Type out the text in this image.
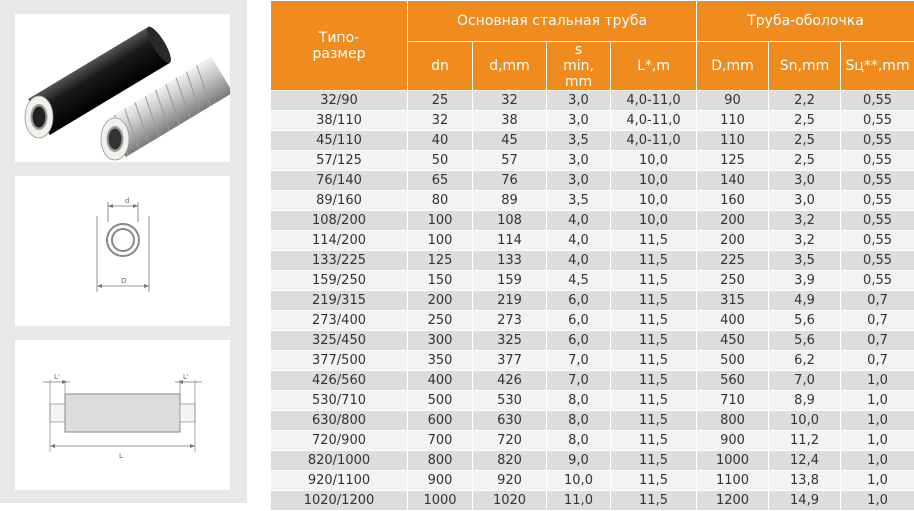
d
D
L'	L'
L
Типо-размер	Основная стальная труба				Труба-оболочка		
	dn	d,mm	s min, mm	L*,m	D,mm	Sn,mm	Sц**,mm
32/90	25	32	3,0	4,0-11,0	90	2,2	0,55
38/110	32	38	3,0	4,0-11,0	110	2,5	0,55
45/110	40	45	3,5	4,0-11,0	110	2,5	0,55
57/125	50	57	3,0	10,0	125	2,5	0,55
76/140	65	76	3,0	10,0	140	3,0	0,55
89/160	80	89	3,5	10,0	160	3,0	0,55
108/200	100	108	4,0	10,0	200	3,2	0,55
114/200	100	114	4,0	11,5	200	3,2	0,55
133/225	125	133	4,0	11,5	225	3,5	0,55
159/250	150	159	4,5	11,5	250	3,9	0,55
219/315	200	219	6,0	11,5	315	4,9	0,7
273/400	250	273	6,0	11,5	400	5,6	0,7
325/450	300	325	6,0	11,5	450	5,6	0,7
377/500	350	377	7,0	11,5	500	6,2	0,7
426/560	400	426	7,0	11,5	560	7,0	1,0
530/710	500	530	8,0	11,5	710	8,9	1,0
630/800	600	630	8,0	11,5	800	10,0	1,0
720/900	700	720	8,0	11,5	900	11,2	1,0
820/1000	800	820	9,0	11,5	1000	12,4	1,0
920/1100	900	920	10,0	11,5	1100	13,8	1,0
1020/1200	1000	1020	11,0	11,5	1200	14,9	1,0
